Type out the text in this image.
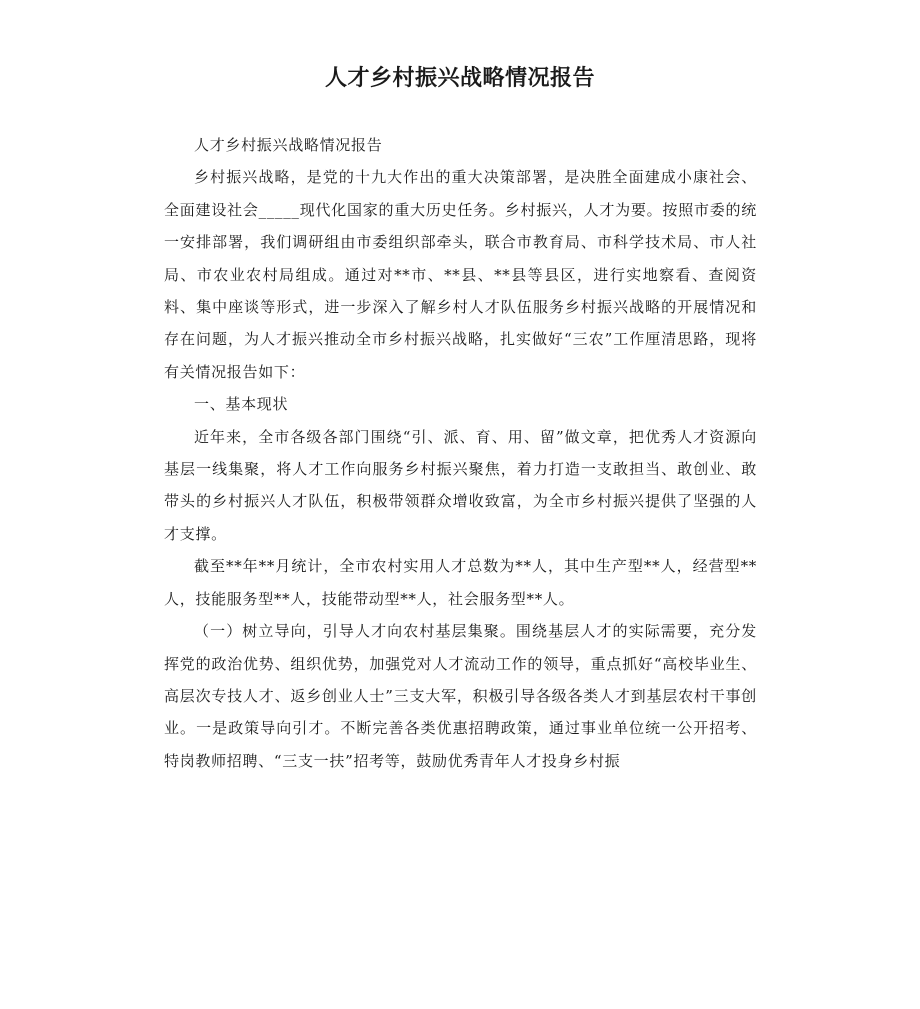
人才乡村振兴战略情况报告

人才乡村振兴战略情况报告

乡村振兴战略，是党的十九大作出的重大决策部署，是决胜全面建成小康社会、全面建设社会_____现代化国家的重大历史任务。乡村振兴，人才为要。按照市委的统一安排部署，我们调研组由市委组织部牵头，联合市教育局、市科学技术局、市人社局、市农业农村局组成。通过对**市、**县、**县等县区，进行实地察看、查阅资料、集中座谈等形式，进一步深入了解乡村人才队伍服务乡村振兴战略的开展情况和存在问题，为人才振兴推动全市乡村振兴战略，扎实做好“三农”工作厘清思路，现将有关情况报告如下：

一、基本现状

近年来，全市各级各部门围绕“引、派、育、用、留”做文章，把优秀人才资源向基层一线集聚，将人才工作向服务乡村振兴聚焦，着力打造一支敢担当、敢创业、敢带头的乡村振兴人才队伍，积极带领群众增收致富，为全市乡村振兴提供了坚强的人才支撑。

截至**年**月统计，全市农村实用人才总数为**人，其中生产型**人，经营型**人，技能服务型**人，技能带动型**人，社会服务型**人。

（一）树立导向，引导人才向农村基层集聚。围绕基层人才的实际需要，充分发挥党的政治优势、组织优势，加强党对人才流动工作的领导，重点抓好“高校毕业生、高层次专技人才、返乡创业人士”三支大军，积极引导各级各类人才到基层农村干事创业。一是政策导向引才。不断完善各类优惠招聘政策，通过事业单位统一公开招考、特岗教师招聘、“三支一扶”招考等，鼓励优秀青年人才投身乡村振
